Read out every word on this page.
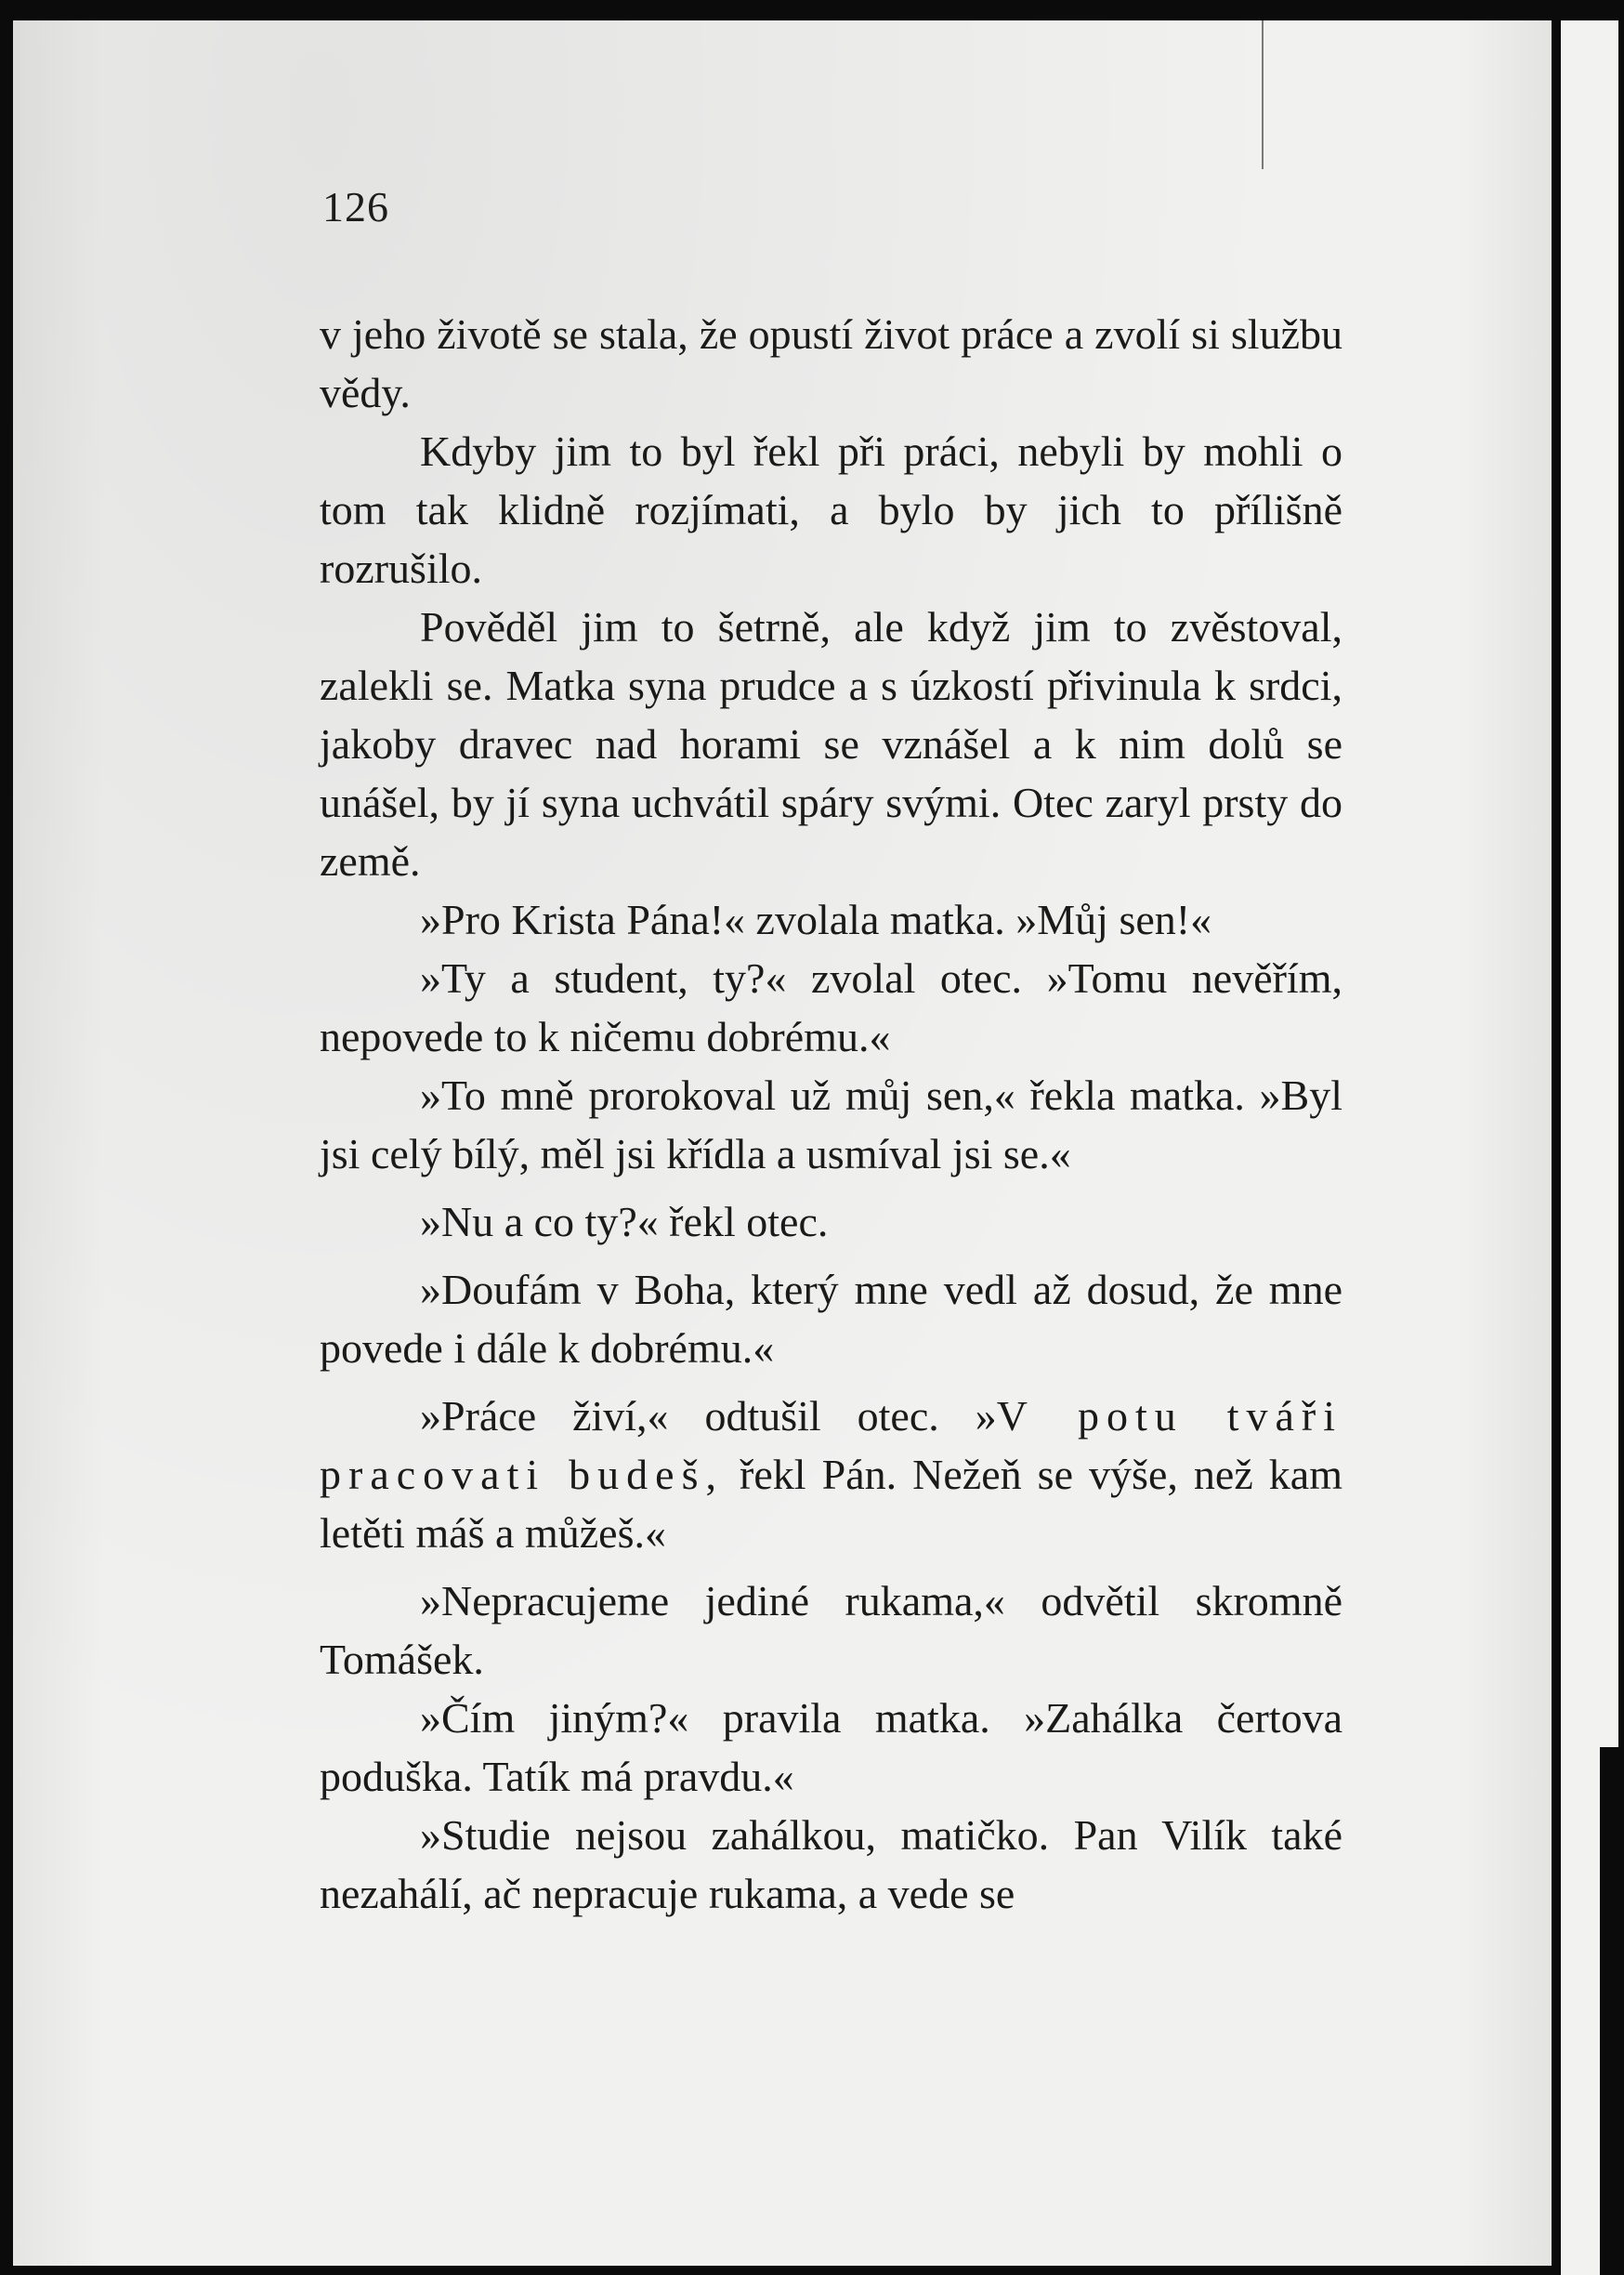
126

v jeho životě se stala, že opustí život práce a zvolí si službu vědy.

Kdyby jim to byl řekl při práci, nebyli by mohli o tom tak klidně rozjímati, a bylo by jich to přílišně rozrušilo.

Pověděl jim to šetrně, ale když jim to zvěstoval, zalekli se. Matka syna prudce a s úzkostí přivinula k srdci, jakoby dravec nad horami se vznášel a k nim dolů se unášel, by jí syna uchvátil spáry svými. Otec zaryl prsty do země.

»Pro Krista Pána!« zvolala matka. »Můj sen!«

»Ty a student, ty?« zvolal otec. »Tomu nevěřím, nepovede to k ničemu dobrému.«

»To mně prorokoval už můj sen,« řekla matka. »Byl jsi celý bílý, měl jsi křídla a usmíval jsi se.«

»Nu a co ty?« řekl otec.

»Doufám v Boha, který mne vedl až dosud, že mne povede i dále k dobrému.«

»Práce živí,« odtušil otec. »V potu tváři pracovati budeš, řekl Pán. Nežeň se výše, než kam letěti máš a můžeš.«

»Nepracujeme jediné rukama,« odvětil skromně Tomášek.

»Čím jiným?« pravila matka. »Zahálka čertova poduška. Tatík má pravdu.«

»Studie nejsou zahálkou, matičko. Pan Vilík také nezahálí, ač nepracuje rukama, a vede se
